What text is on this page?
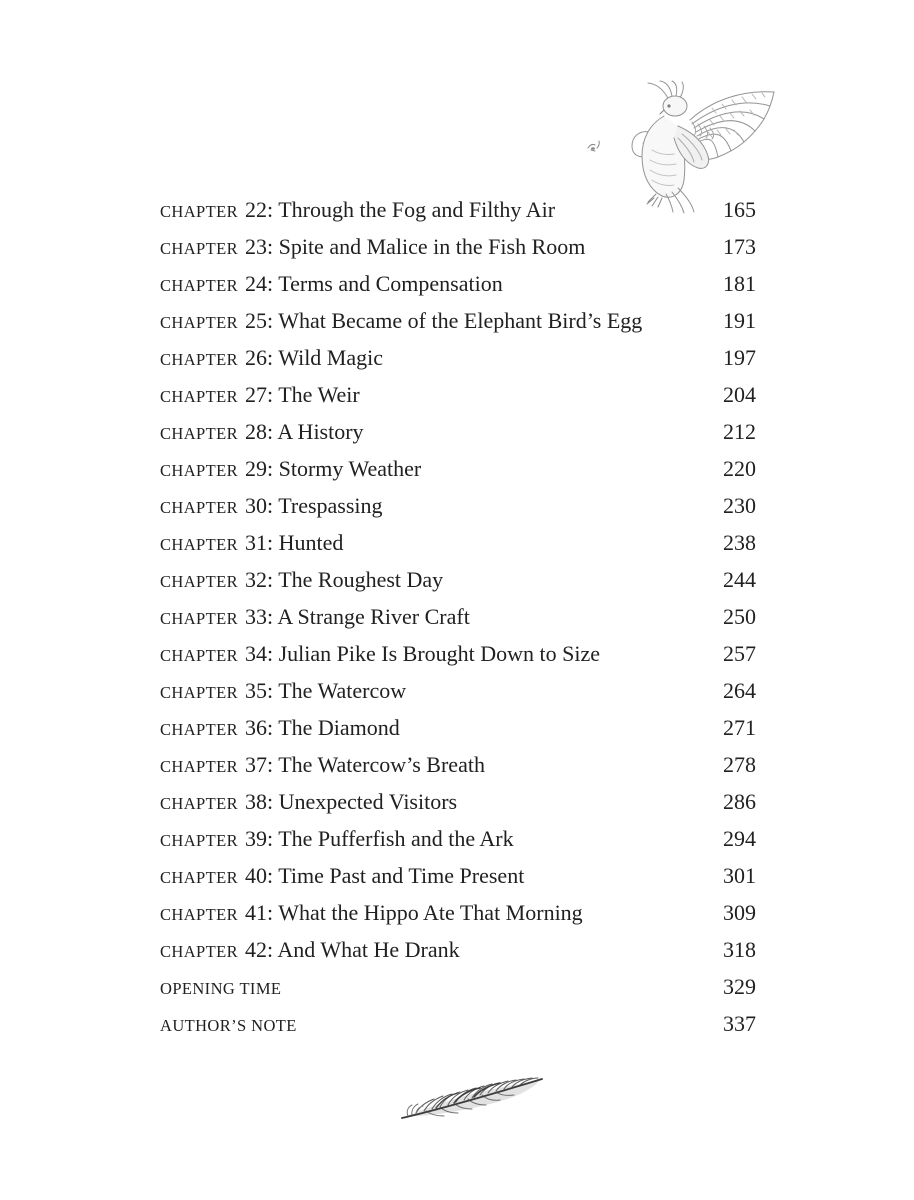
CHAPTER 22: Through the Fog and Filthy Air	165
CHAPTER 23: Spite and Malice in the Fish Room	173
CHAPTER 24: Terms and Compensation	181
CHAPTER 25: What Became of the Elephant Bird’s Egg	191
CHAPTER 26: Wild Magic	197
CHAPTER 27: The Weir	204
CHAPTER 28: A History	212
CHAPTER 29: Stormy Weather	220
CHAPTER 30: Trespassing	230
CHAPTER 31: Hunted	238
CHAPTER 32: The Roughest Day	244
CHAPTER 33: A Strange River Craft	250
CHAPTER 34: Julian Pike Is Brought Down to Size	257
CHAPTER 35: The Watercow	264
CHAPTER 36: The Diamond	271
CHAPTER 37: The Watercow’s Breath	278
CHAPTER 38: Unexpected Visitors	286
CHAPTER 39: The Pufferfish and the Ark	294
CHAPTER 40: Time Past and Time Present	301
CHAPTER 41: What the Hippo Ate That Morning	309
CHAPTER 42: And What He Drank	318
OPENING TIME	329
AUTHOR’S NOTE	337
